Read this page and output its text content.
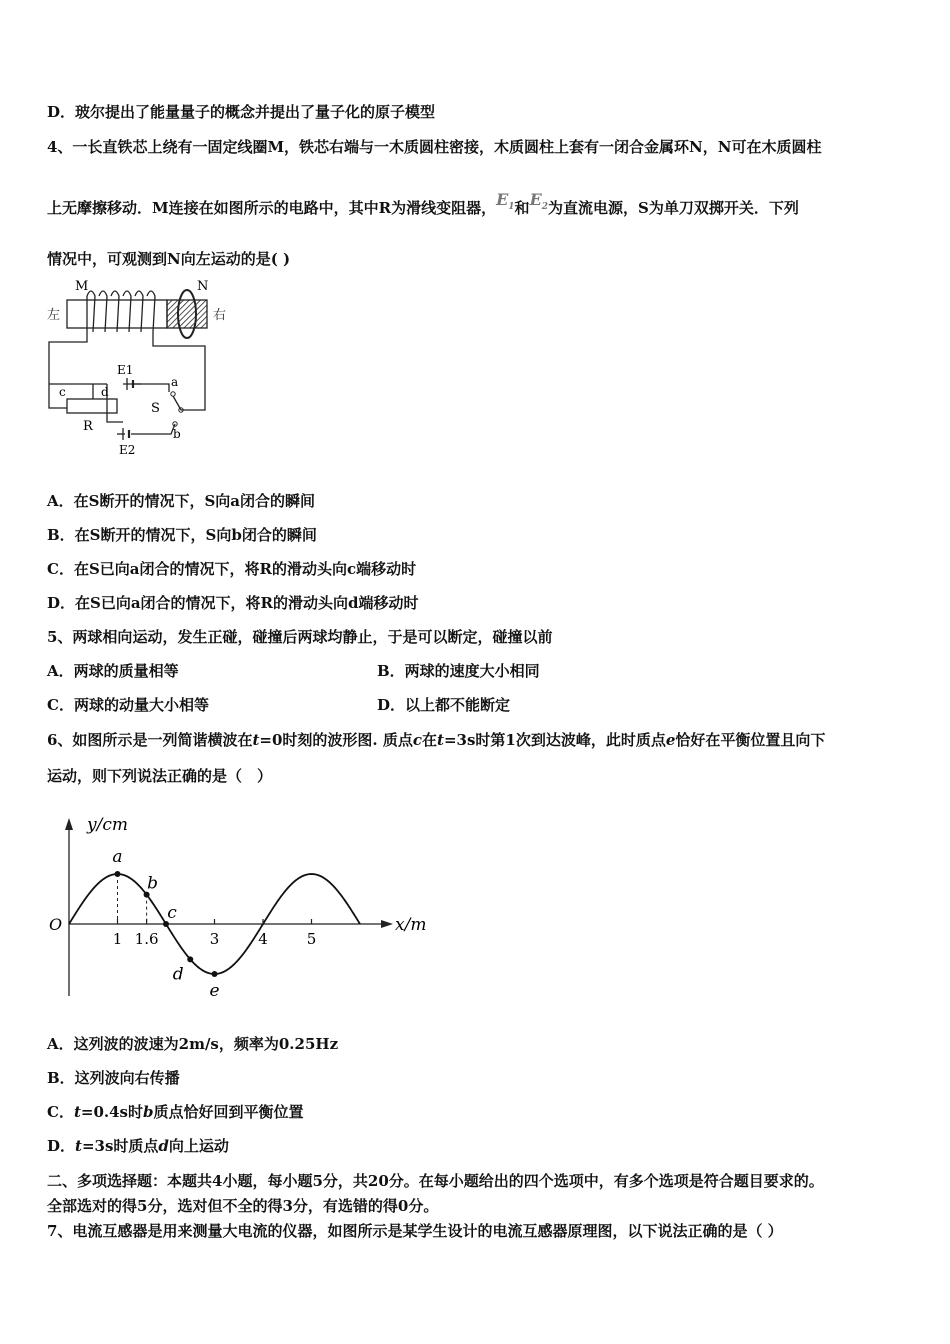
D．玻尔提出了能量量子的概念并提出了量子化的原子模型
4、一长直铁芯上绕有一固定线圈M，铁芯右端与一木质圆柱密接，木质圆柱上套有一闭合金属环N，N可在木质圆柱
上无摩擦移动．M连接在如图所示的电路中，其中R为滑线变阻器，$E_1$和$E_2$为直流电源，S为单刀双掷开关．下列
情况中，可观测到N向左运动的是( )
M	N
左	右
c	d
R
E1
E2
S
a
b
A．在S断开的情况下，S向a闭合的瞬间
B．在S断开的情况下，S向b闭合的瞬间
C．在S已向a闭合的情况下，将R的滑动头向c端移动时
D．在S已向a闭合的情况下，将R的滑动头向d端移动时
5、两球相向运动，发生正碰，碰撞后两球均静止，于是可以断定，碰撞以前
A．两球的质量相等	B．两球的速度大小相同
C．两球的动量大小相等	D．以上都不能断定
6、如图所示是一列简谐横波在t=0时刻的波形图. 质点c在t=3s时第1次到达波峰，此时质点e恰好在平衡位置且向下
运动，则下列说法正确的是（　）
y/cm
x/m
O
1 1.6	3	4	5
a
b
c
d
e
A．这列波的波速为2m/s，频率为0.25Hz
B．这列波向右传播
C．t=0.4s时b质点恰好回到平衡位置
D．t=3s时质点d向上运动
二、多项选择题：本题共4小题，每小题5分，共20分。在每小题给出的四个选项中，有多个选项是符合题目要求的。
全部选对的得5分，选对但不全的得3分，有选错的得0分。
7、电流互感器是用来测量大电流的仪器，如图所示是某学生设计的电流互感器原理图，以下说法正确的是（ ）
